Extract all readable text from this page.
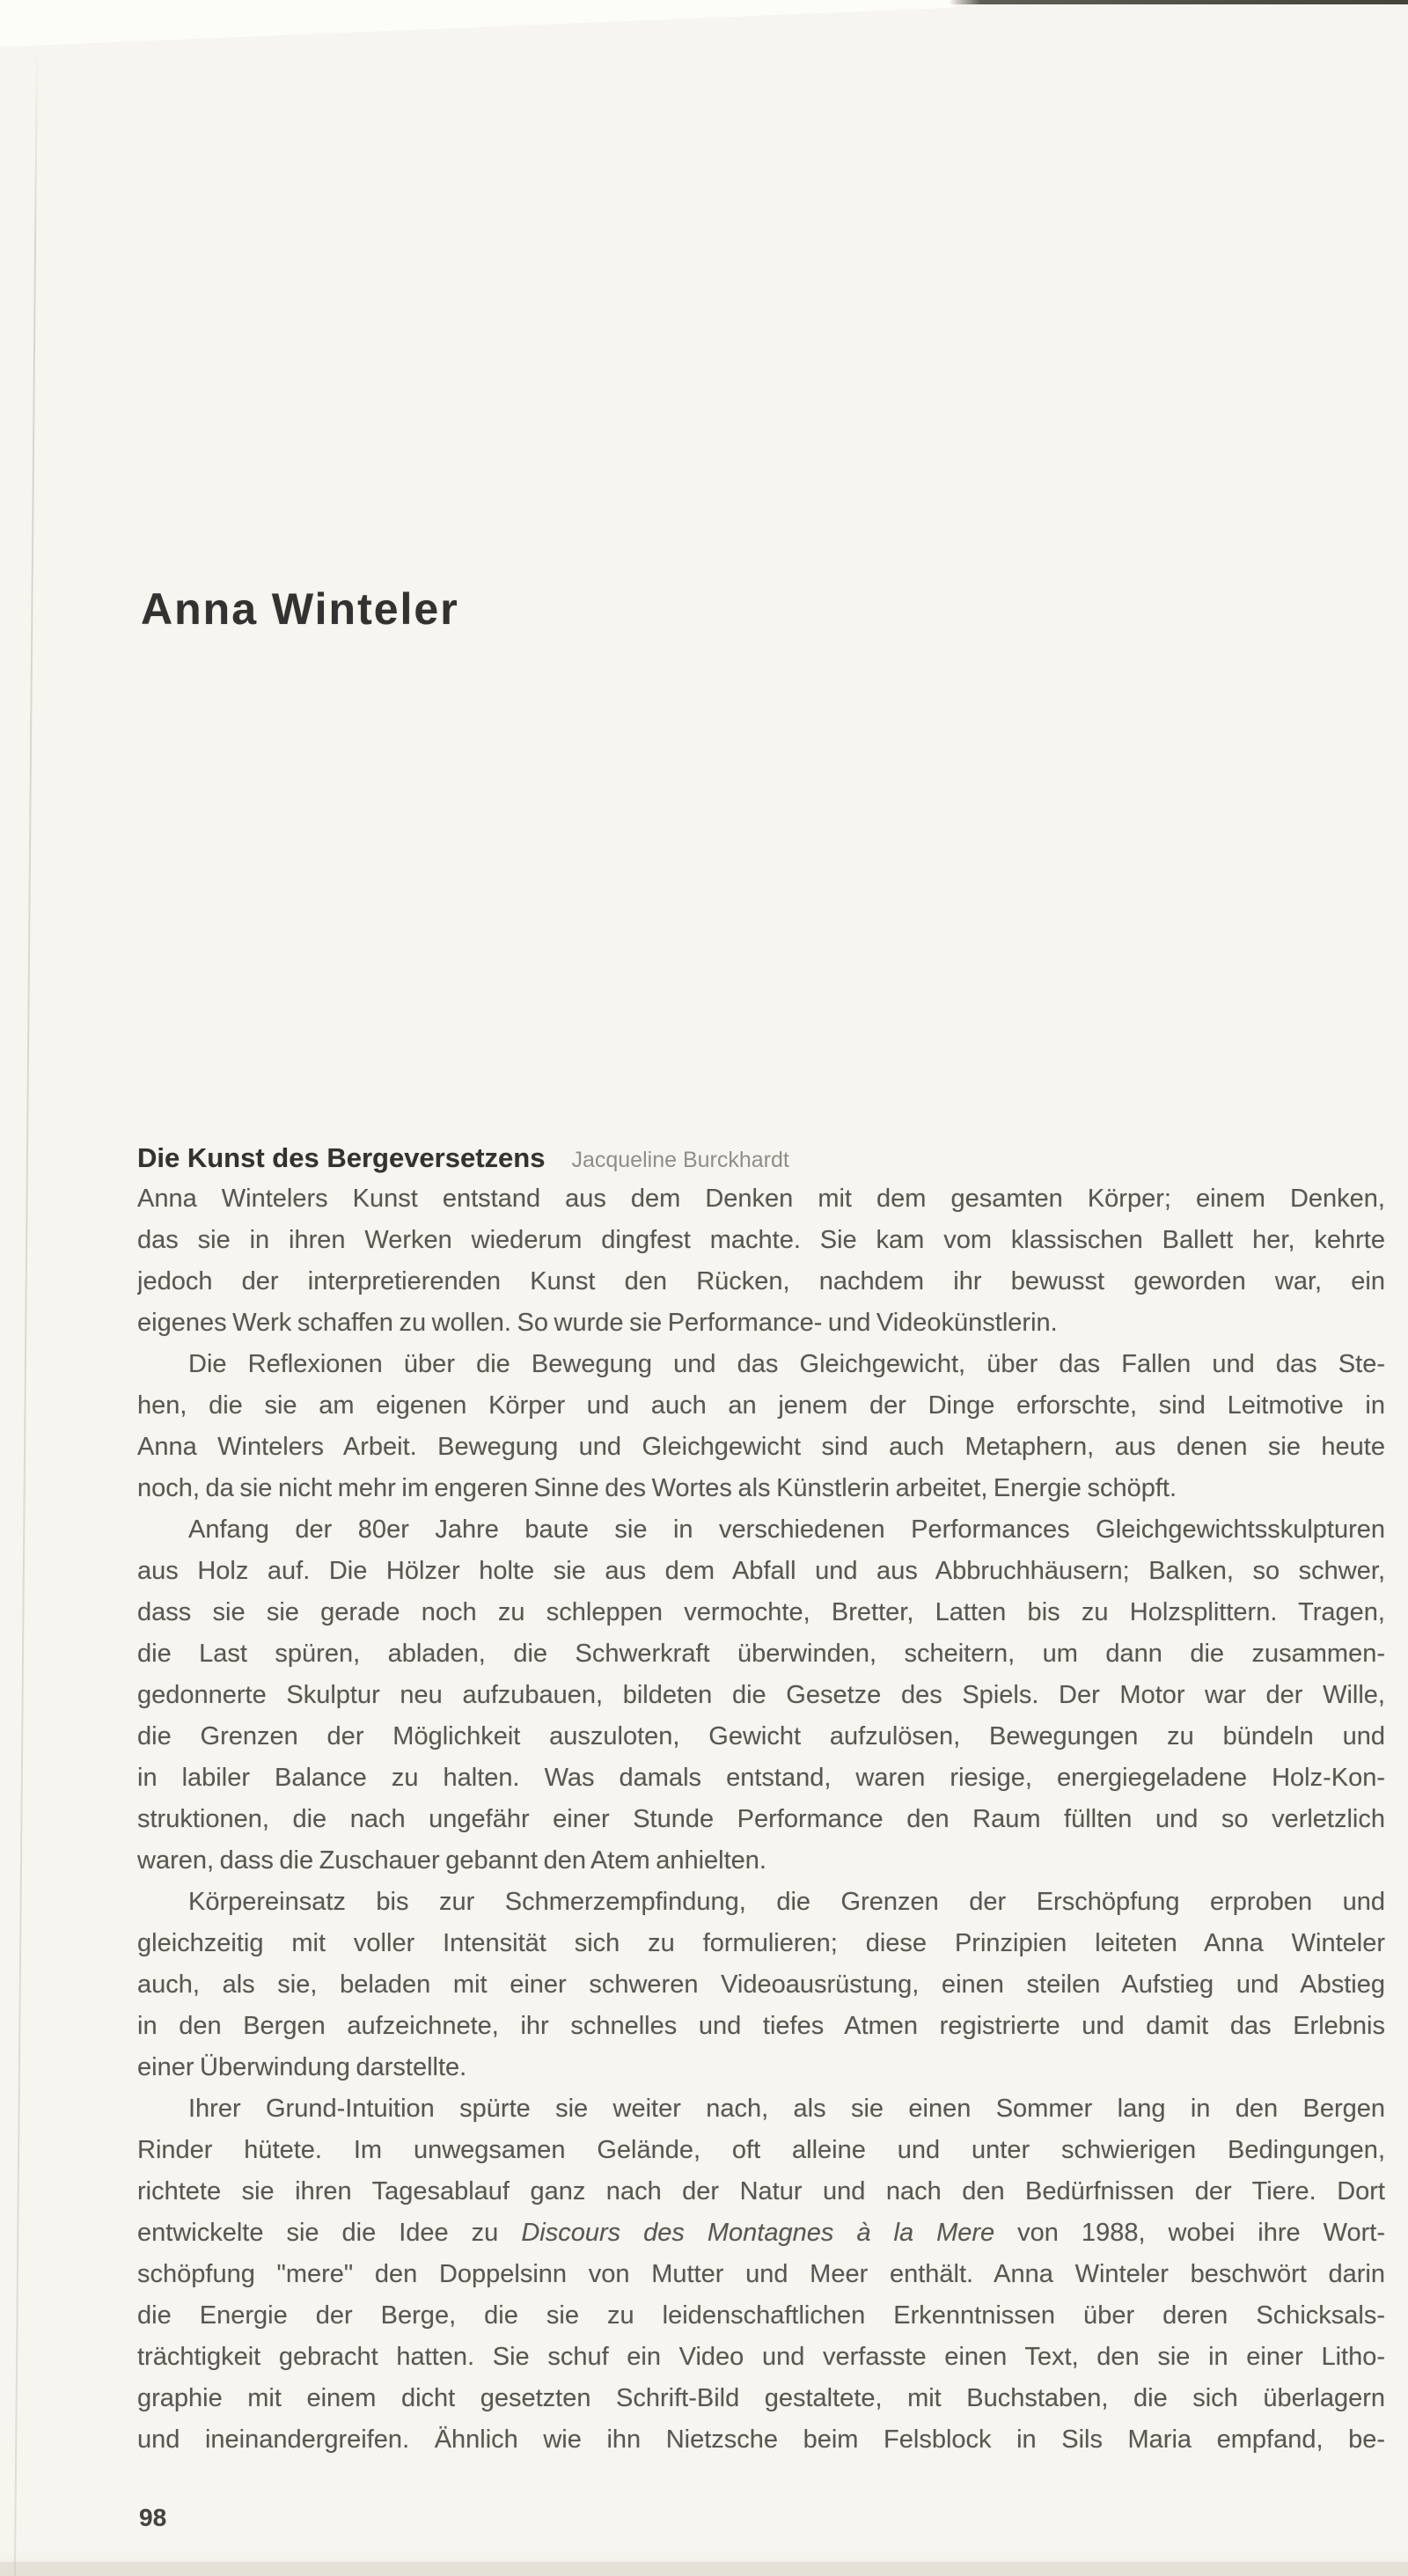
Anna Winteler
Die Kunst des Bergeversetzens Jacqueline Burckhardt
Anna Wintelers Kunst entstand aus dem Denken mit dem gesamten Körper; einem Denken,
das sie in ihren Werken wiederum dingfest machte. Sie kam vom klassischen Ballett her, kehrte
jedoch der interpretierenden Kunst den Rücken, nachdem ihr bewusst geworden war, ein
eigenes Werk schaffen zu wollen. So wurde sie Performance- und Videokünstlerin.
Die Reflexionen über die Bewegung und das Gleichgewicht, über das Fallen und das Ste-
hen, die sie am eigenen Körper und auch an jenem der Dinge erforschte, sind Leitmotive in
Anna Wintelers Arbeit. Bewegung und Gleichgewicht sind auch Metaphern, aus denen sie heute
noch, da sie nicht mehr im engeren Sinne des Wortes als Künstlerin arbeitet, Energie schöpft.
Anfang der 80er Jahre baute sie in verschiedenen Performances Gleichgewichtsskulpturen
aus Holz auf. Die Hölzer holte sie aus dem Abfall und aus Abbruchhäusern; Balken, so schwer,
dass sie sie gerade noch zu schleppen vermochte, Bretter, Latten bis zu Holzsplittern. Tragen,
die Last spüren, abladen, die Schwerkraft überwinden, scheitern, um dann die zusammen-
gedonnerte Skulptur neu aufzubauen, bildeten die Gesetze des Spiels. Der Motor war der Wille,
die Grenzen der Möglichkeit auszuloten, Gewicht aufzulösen, Bewegungen zu bündeln und
in labiler Balance zu halten. Was damals entstand, waren riesige, energiegeladene Holz-Kon-
struktionen, die nach ungefähr einer Stunde Performance den Raum füllten und so verletzlich
waren, dass die Zuschauer gebannt den Atem anhielten.
Körpereinsatz bis zur Schmerzempfindung, die Grenzen der Erschöpfung erproben und
gleichzeitig mit voller Intensität sich zu formulieren; diese Prinzipien leiteten Anna Winteler
auch, als sie, beladen mit einer schweren Videoausrüstung, einen steilen Aufstieg und Abstieg
in den Bergen aufzeichnete, ihr schnelles und tiefes Atmen registrierte und damit das Erlebnis
einer Überwindung darstellte.
Ihrer Grund-Intuition spürte sie weiter nach, als sie einen Sommer lang in den Bergen
Rinder hütete. Im unwegsamen Gelände, oft alleine und unter schwierigen Bedingungen,
richtete sie ihren Tagesablauf ganz nach der Natur und nach den Bedürfnissen der Tiere. Dort
entwickelte sie die Idee zu Discours des Montagnes à la Mere von 1988, wobei ihre Wort-
schöpfung "mere" den Doppelsinn von Mutter und Meer enthält. Anna Winteler beschwört darin
die Energie der Berge, die sie zu leidenschaftlichen Erkenntnissen über deren Schicksals-
trächtigkeit gebracht hatten. Sie schuf ein Video und verfasste einen Text, den sie in einer Litho-
graphie mit einem dicht gesetzten Schrift-Bild gestaltete, mit Buchstaben, die sich überlagern
und ineinandergreifen. Ähnlich wie ihn Nietzsche beim Felsblock in Sils Maria empfand, be-
98
